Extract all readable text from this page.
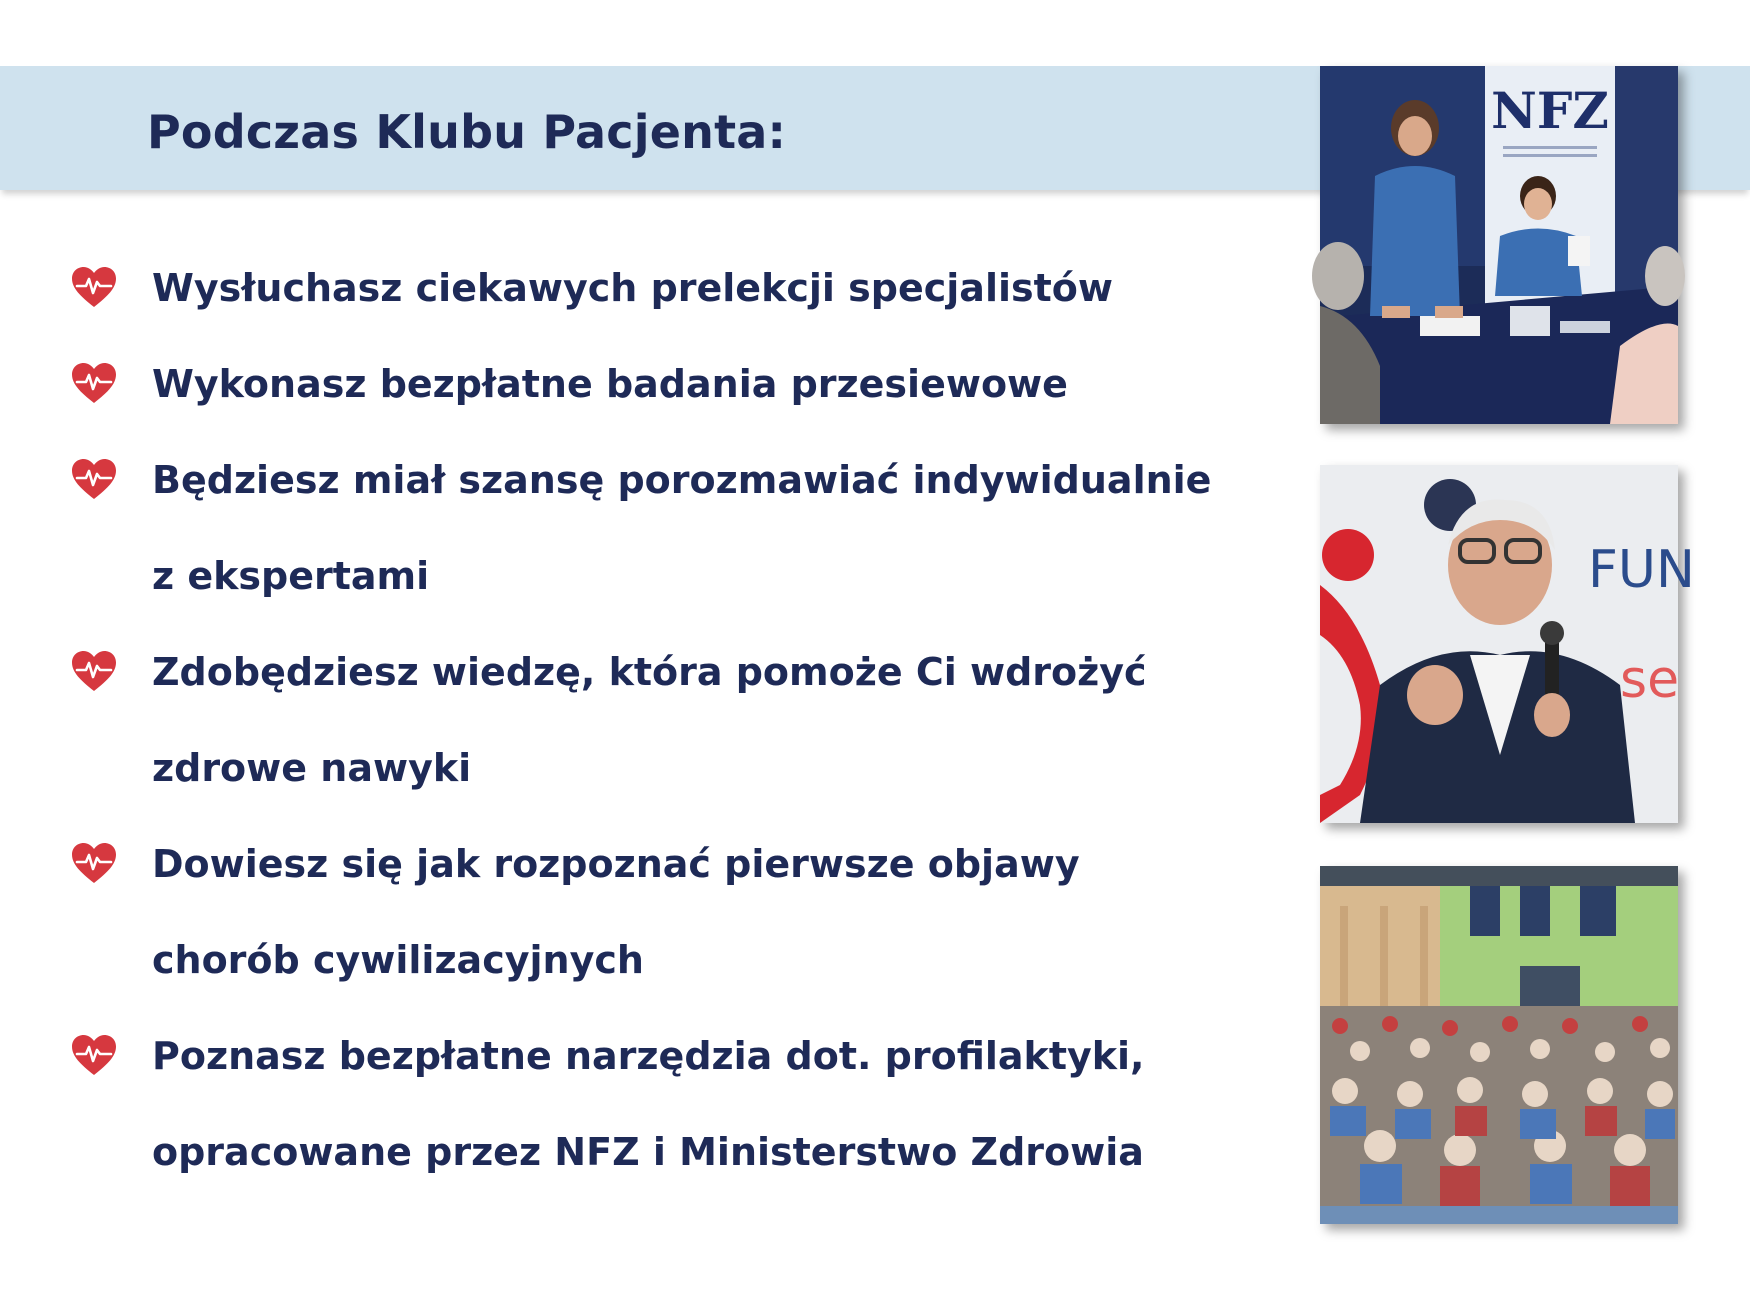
Podczas Klubu Pacjenta:
Wysłuchasz ciekawych prelekcji specjalistów
Wykonasz bezpłatne badania przesiewowe
Będziesz miał szansę porozmawiać indywidualnie
z ekspertami
Zdobędziesz wiedzę, która pomoże Ci wdrożyć
zdrowe nawyki
Dowiesz się jak rozpoznać pierwsze objawy
chorób cywilizacyjnych
Poznasz bezpłatne narzędzia dot. profilaktyki,
opracowane przez NFZ i Ministerstwo Zdrowia
NFZ
FUN
se
